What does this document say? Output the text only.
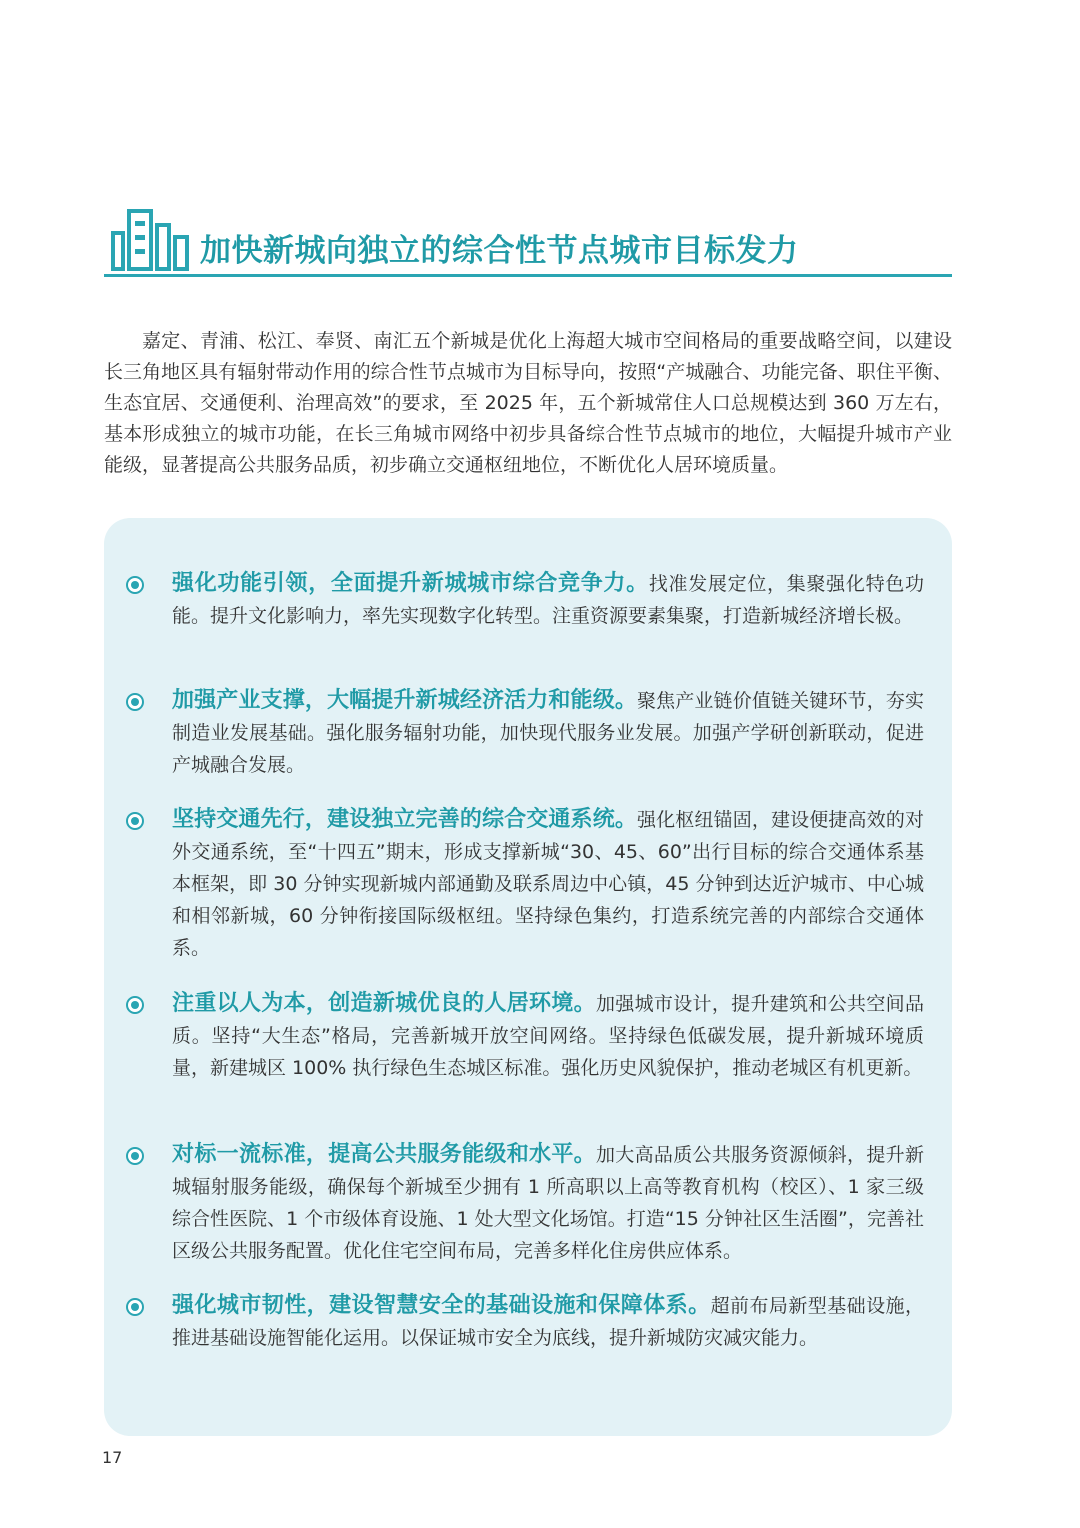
加快新城向独立的综合性节点城市目标发力

嘉定、青浦、松江、奉贤、南汇五个新城是优化上海超大城市空间格局的重要战略空间，以建设长三角地区具有辐射带动作用的综合性节点城市为目标导向，按照“产城融合、功能完备、职住平衡、生态宜居、交通便利、治理高效”的要求，至 2025 年，五个新城常住人口总规模达到 360 万左右，基本形成独立的城市功能，在长三角城市网络中初步具备综合性节点城市的地位，大幅提升城市产业能级，显著提高公共服务品质，初步确立交通枢纽地位，不断优化人居环境质量。

强化功能引领，全面提升新城城市综合竞争力。找准发展定位，集聚强化特色功能。提升文化影响力，率先实现数字化转型。注重资源要素集聚，打造新城经济增长极。

加强产业支撑，大幅提升新城经济活力和能级。聚焦产业链价值链关键环节，夯实制造业发展基础。强化服务辐射功能，加快现代服务业发展。加强产学研创新联动，促进产城融合发展。

坚持交通先行，建设独立完善的综合交通系统。强化枢纽锚固，建设便捷高效的对外交通系统，至“十四五”期末，形成支撑新城“30、45、60”出行目标的综合交通体系基本框架，即 30 分钟实现新城内部通勤及联系周边中心镇，45 分钟到达近沪城市、中心城和相邻新城，60 分钟衔接国际级枢纽。坚持绿色集约，打造系统完善的内部综合交通体系。

注重以人为本，创造新城优良的人居环境。加强城市设计，提升建筑和公共空间品质。坚持“大生态”格局，完善新城开放空间网络。坚持绿色低碳发展，提升新城环境质量，新建城区 100% 执行绿色生态城区标准。强化历史风貌保护，推动老城区有机更新。

对标一流标准，提高公共服务能级和水平。加大高品质公共服务资源倾斜，提升新城辐射服务能级，确保每个新城至少拥有 1 所高职以上高等教育机构（校区）、1 家三级综合性医院、1 个市级体育设施、1 处大型文化场馆。打造“15 分钟社区生活圈”，完善社区级公共服务配置。优化住宅空间布局，完善多样化住房供应体系。

强化城市韧性，建设智慧安全的基础设施和保障体系。超前布局新型基础设施，推进基础设施智能化运用。以保证城市安全为底线，提升新城防灾减灾能力。

17
